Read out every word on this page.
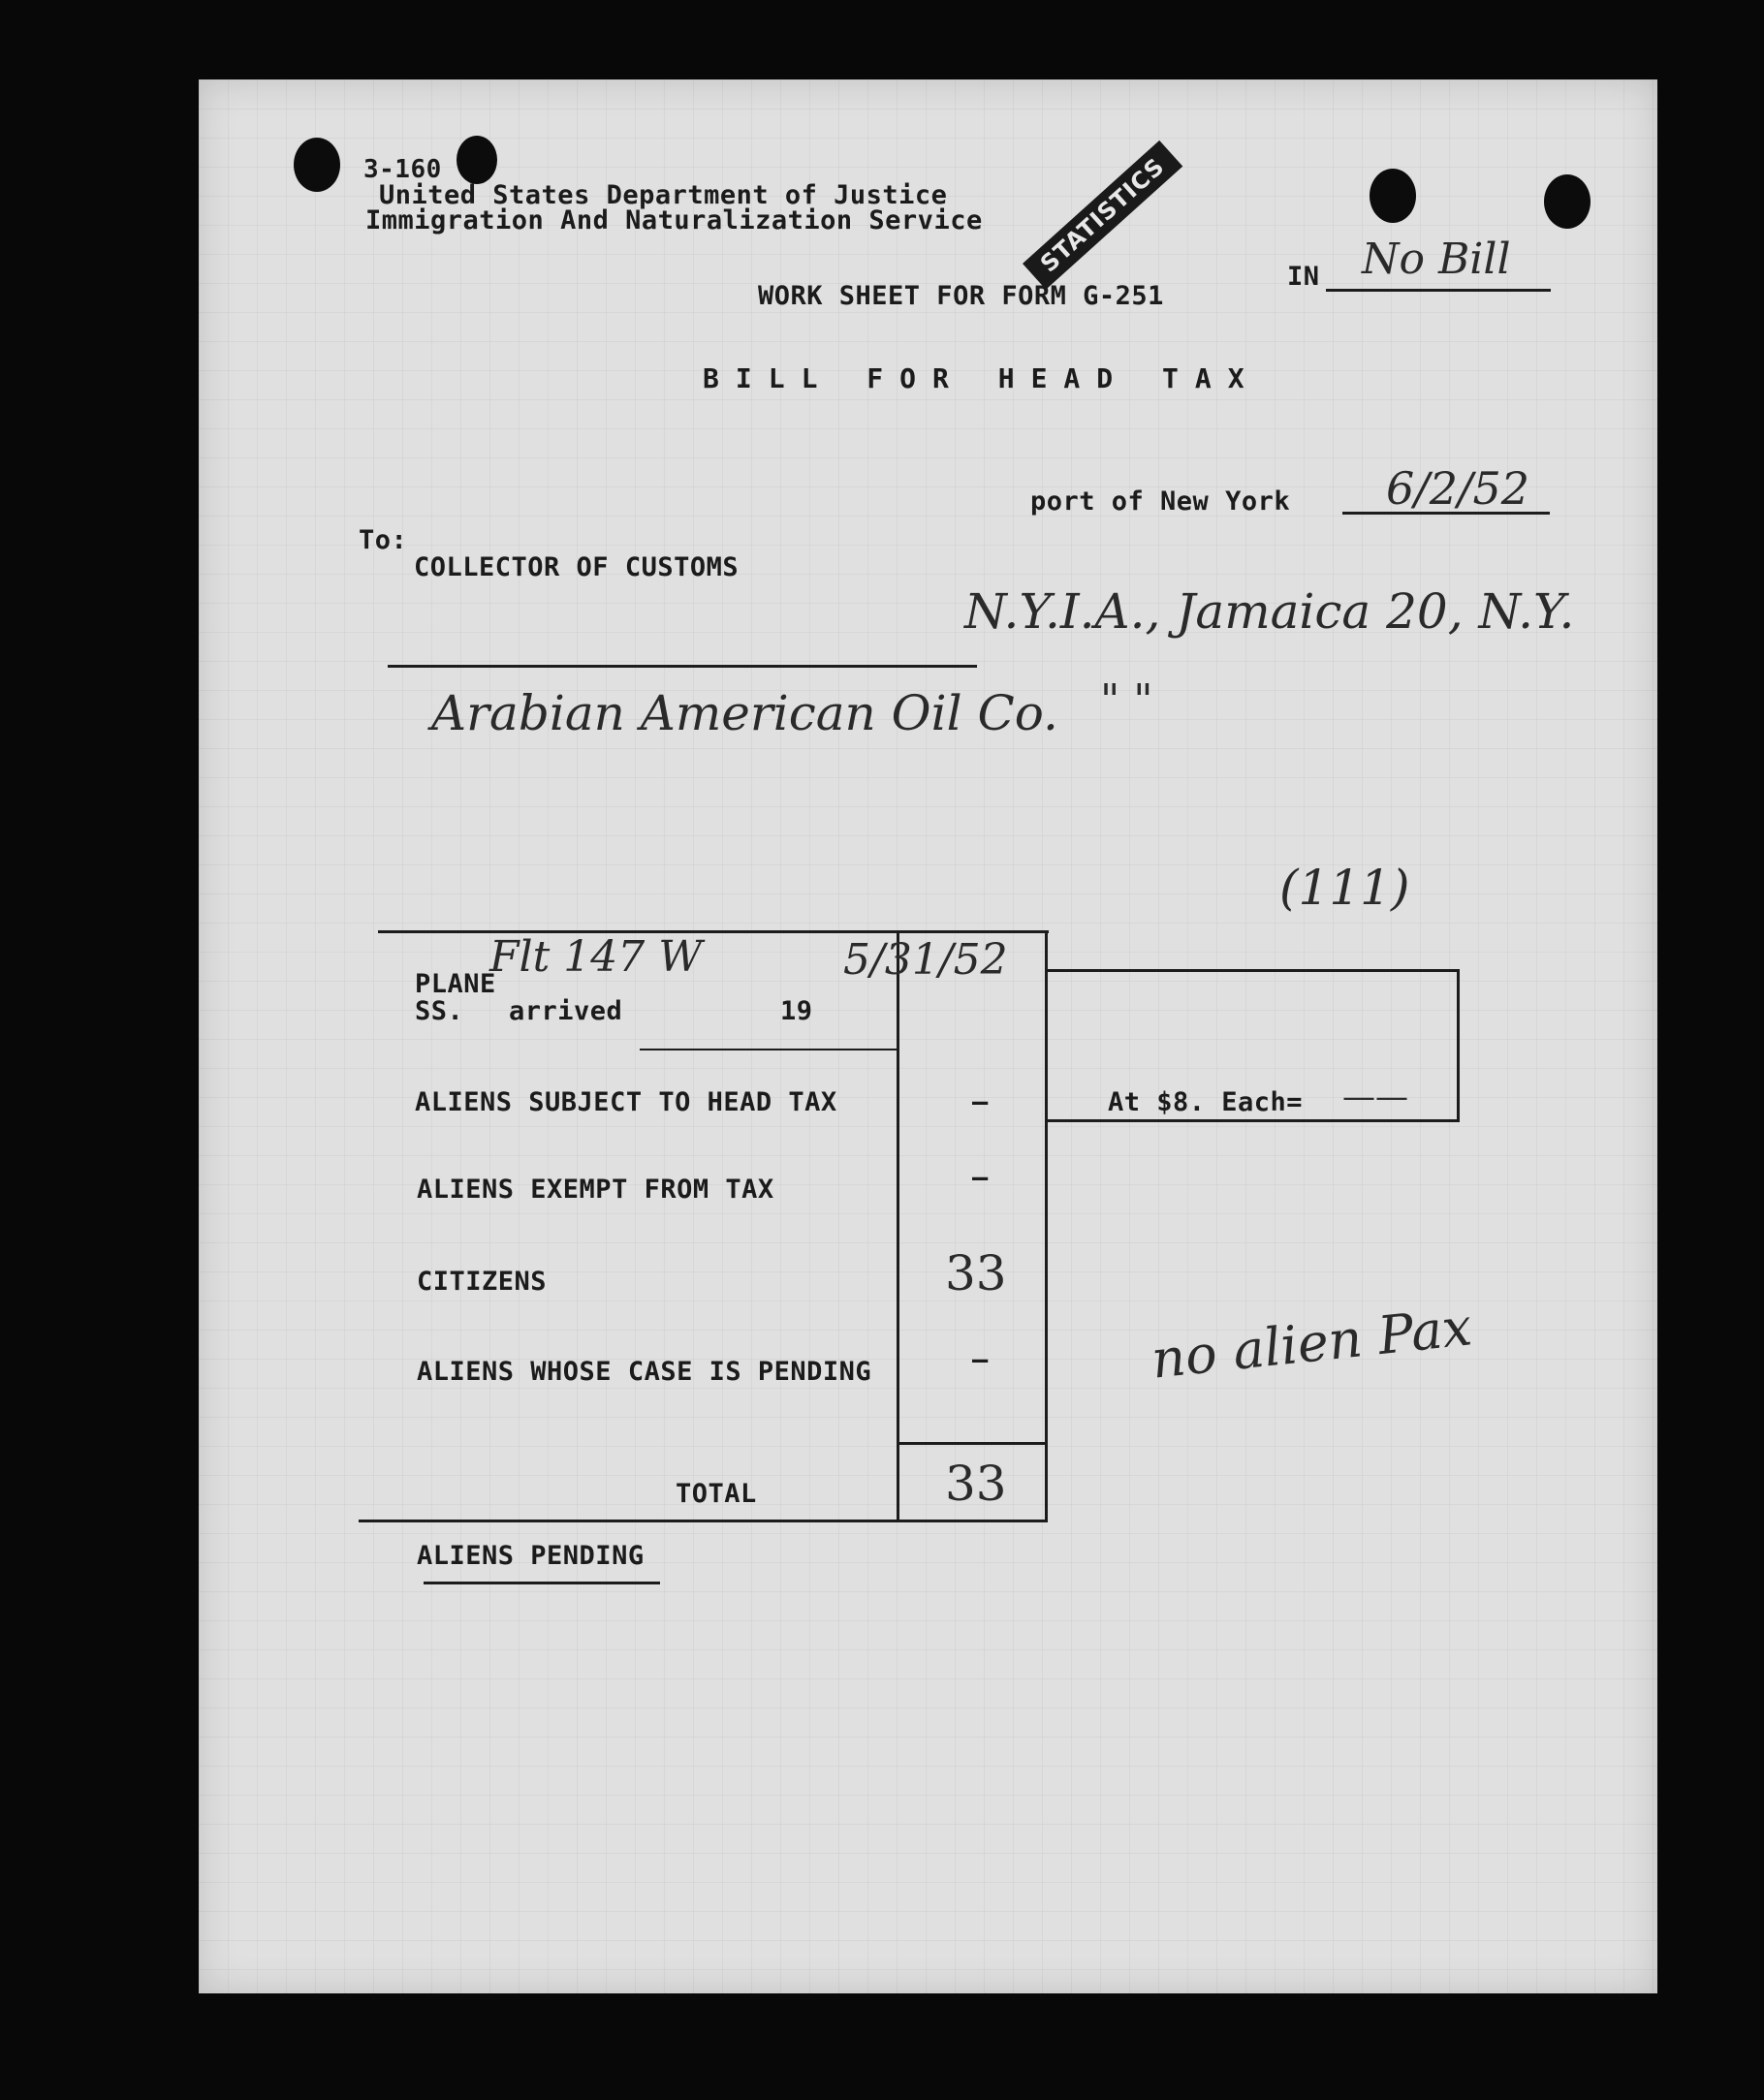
3-160
United States Department of Justice
Immigration And Naturalization Service	STATISTICS	IN No Bill
WORK SHEET FOR FORM G-251
BILL FOR HEAD TAX
port of New York 6/2/52
To:
COLLECTOR OF CUSTOMS
N.Y.I.A., Jamaica 20, N.Y.
Arabian American Oil Co. " "
(111)
PLANE
Flt 147 W	5/31/52
SS. arrived	19
ALIENS SUBJECT TO HEAD TAX	—	At $8. Each= ——
ALIENS EXEMPT FROM TAX	—
CITIZENS	33
ALIENS WHOSE CASE IS PENDING	—
TOTAL	33
no alien Pax
ALIENS PENDING
